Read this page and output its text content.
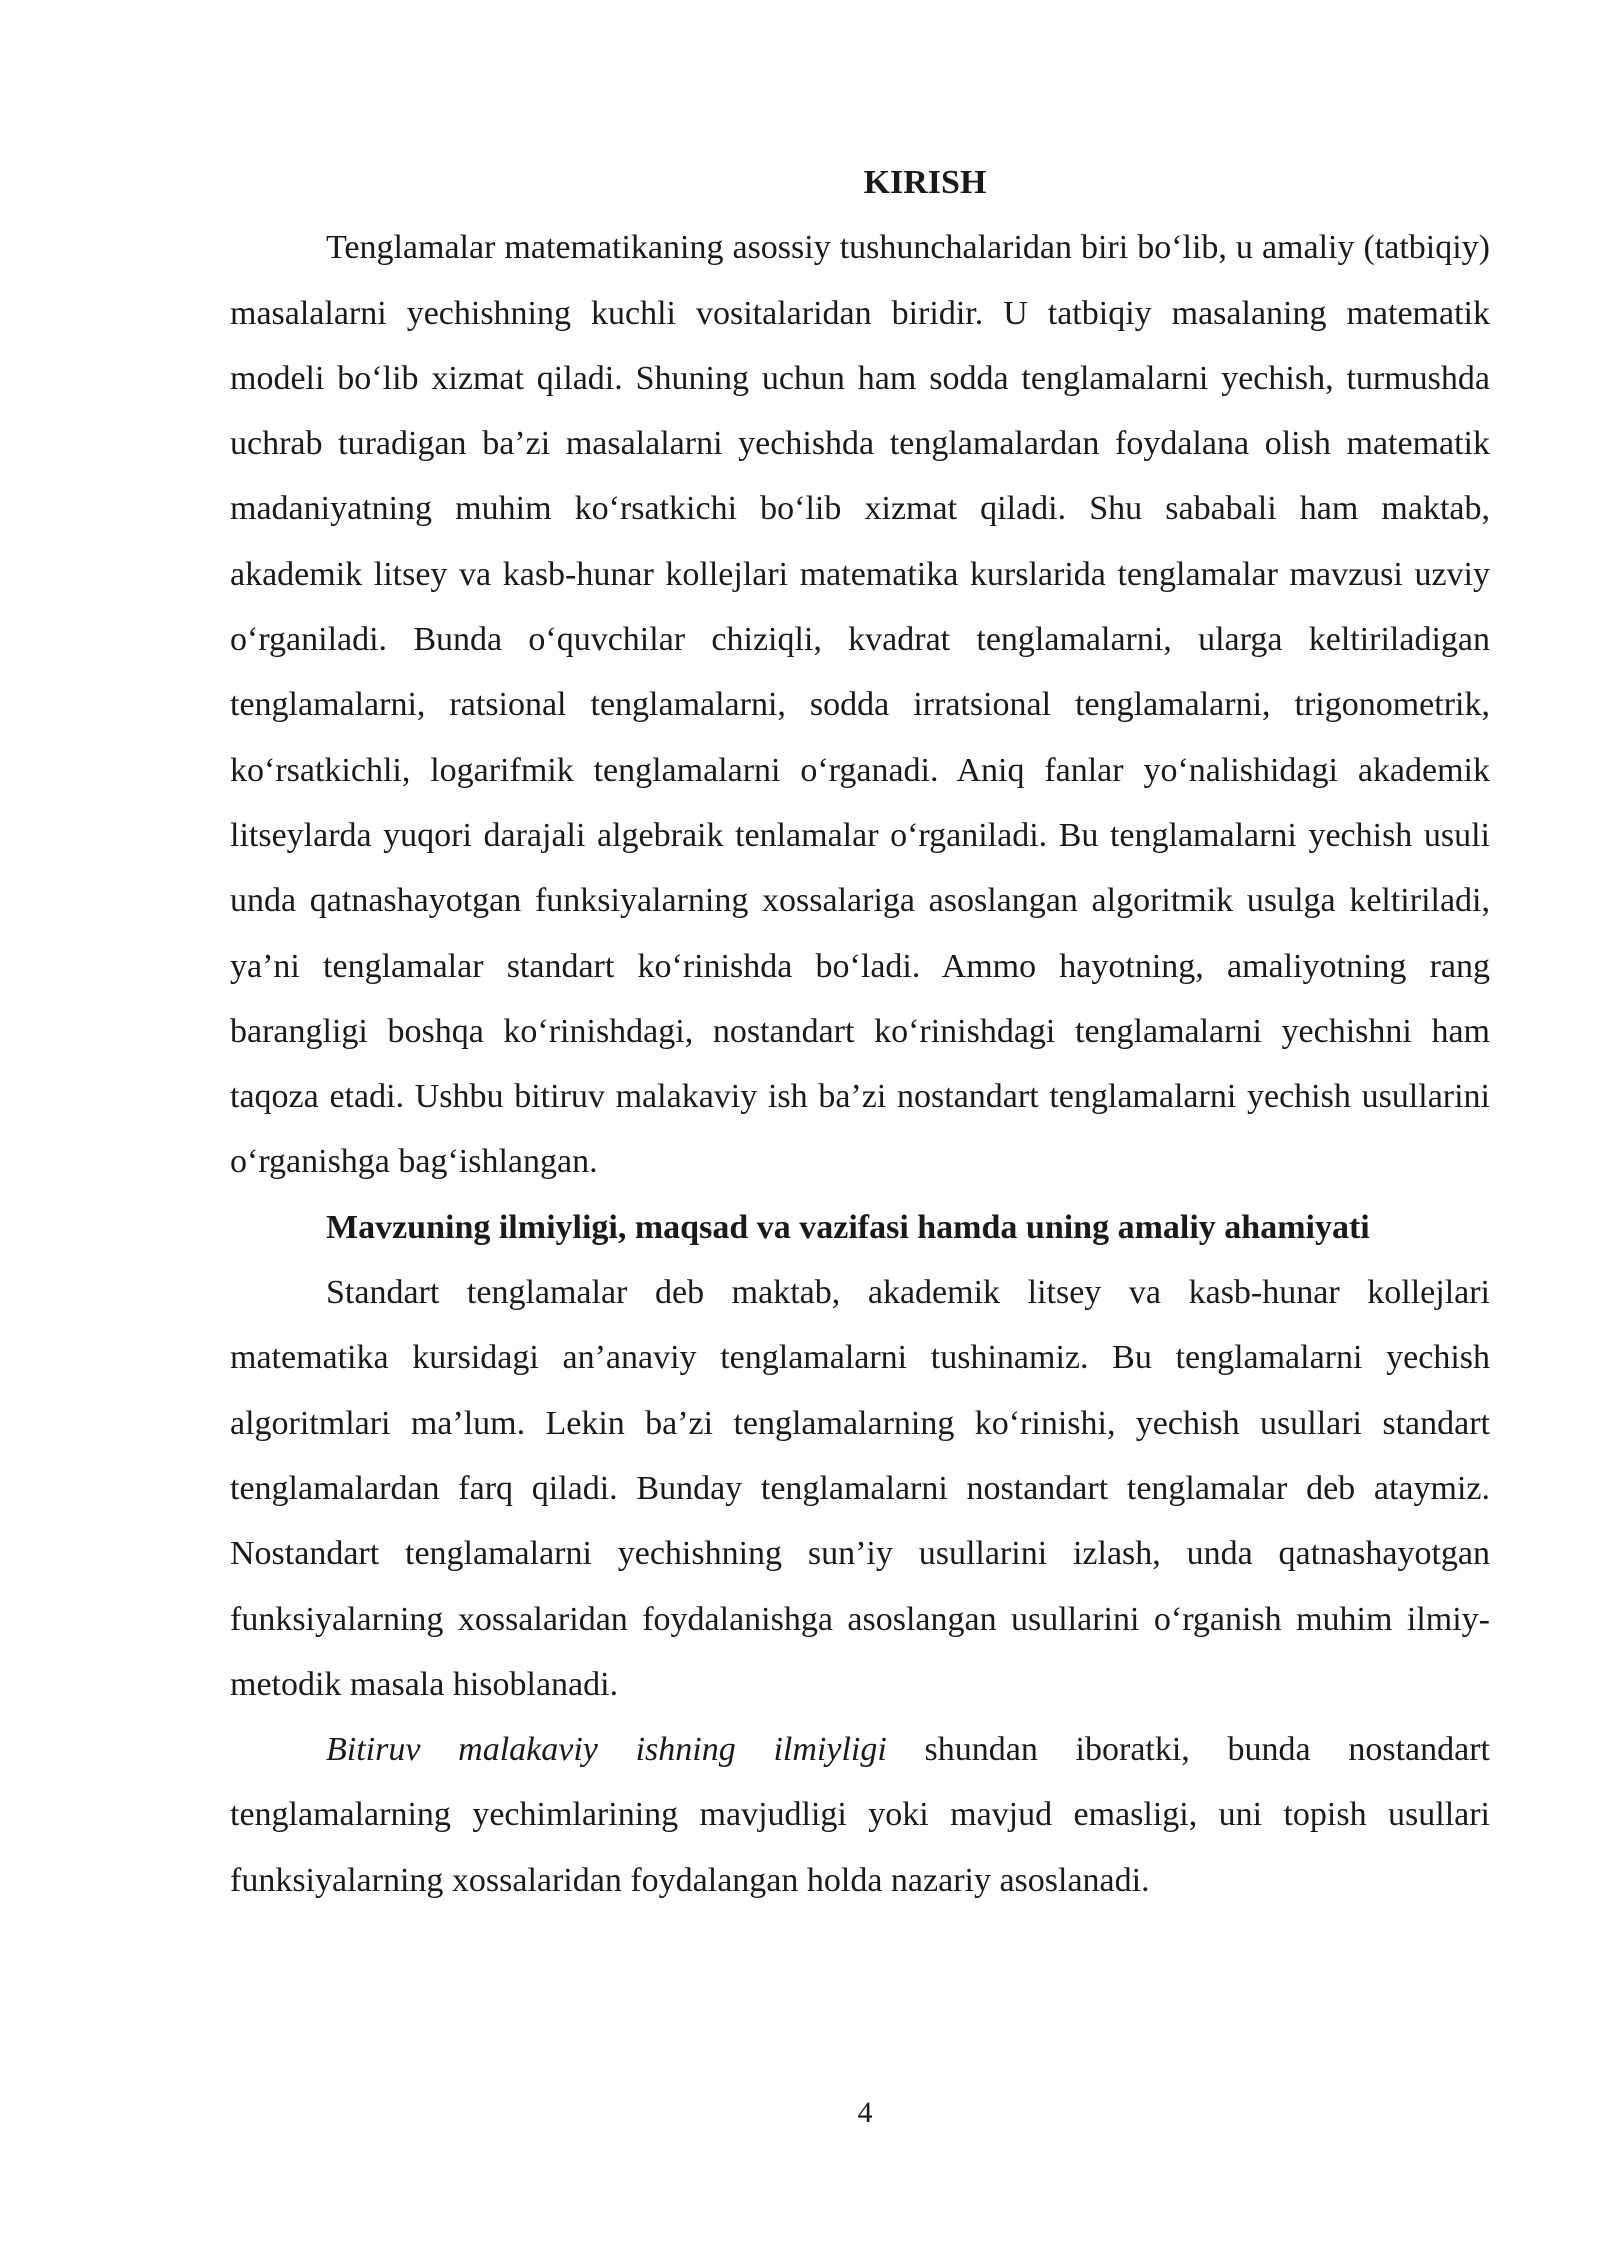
KIRISH

Tenglamalar matematikaning asossiy tushunchalaridan biri bo‘lib, u amaliy (tatbiqiy) masalalarni yechishning kuchli vositalaridan biridir. U tatbiqiy masalaning matematik modeli bo‘lib xizmat qiladi. Shuning uchun ham sodda tenglamalarni yechish, turmushda uchrab turadigan ba’zi masalalarni yechishda tenglamalardan foydalana olish matematik madaniyatning muhim ko‘rsatkichi bo‘lib xizmat qiladi. Shu sababali ham maktab, akademik litsey va kasb-hunar kollejlari matematika kurslarida tenglamalar mavzusi uzviy o‘rganiladi. Bunda o‘quvchilar chiziqli, kvadrat tenglamalarni, ularga keltiriladigan tenglamalarni, ratsional tenglamalarni, sodda irratsional tenglamalarni, trigonometrik, ko‘rsatkichli, logarifmik tenglamalarni o‘rganadi. Aniq fanlar yo‘nalishidagi akademik litseylarda yuqori darajali algebraik tenlamalar o‘rganiladi. Bu tenglamalarni yechish usuli unda qatnashayotgan funksiyalarning xossalariga asoslangan algoritmik usulga keltiriladi, ya’ni tenglamalar standart ko‘rinishda bo‘ladi. Ammo hayotning, amaliyotning rang barangligi boshqa ko‘rinishdagi, nostandart ko‘rinishdagi tenglamalarni yechishni ham taqoza etadi. Ushbu bitiruv malakaviy ish ba’zi nostandart tenglamalarni yechish usullarini o‘rganishga bag‘ishlangan.

Mavzuning ilmiyligi, maqsad va vazifasi hamda uning amaliy ahamiyati

Standart tenglamalar deb maktab, akademik litsey va kasb-hunar kollejlari matematika kursidagi an’anaviy tenglamalarni tushinamiz. Bu tenglamalarni yechish algoritmlari ma’lum. Lekin ba’zi tenglamalarning ko‘rinishi, yechish usullari standart tenglamalardan farq qiladi. Bunday tenglamalarni nostandart tenglamalar deb ataymiz. Nostandart tenglamalarni yechishning sun’iy usullarini izlash, unda qatnashayotgan funksiyalarning xossalaridan foydalanishga asoslangan usullarini o‘rganish muhim ilmiy-metodik masala hisoblanadi.

Bitiruv malakaviy ishning ilmiyligi shundan iboratki, bunda nostandart tenglamalarning yechimlarining mavjudligi yoki mavjud emasligi, uni topish usullari funksiyalarning xossalaridan foydalangan holda nazariy asoslanadi.

4
